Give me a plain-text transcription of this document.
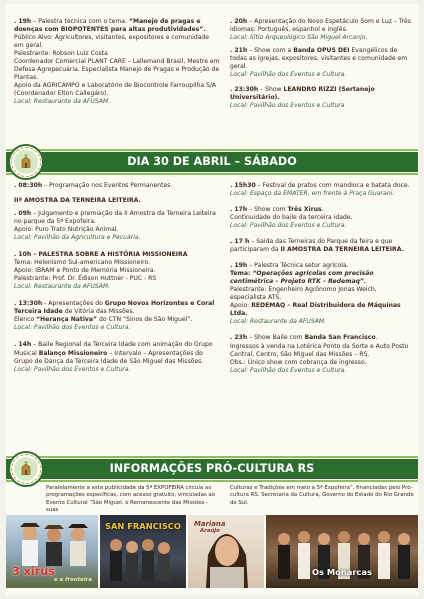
. 19h – Palestra técnica com o tema: “Manejo de pragas e doenças com BIOPOTENTES para altas produtividades”.
Público Alvo: Agricultores, visitantes, expositores e comunidade em geral.
Palestrante: Robson Luiz Costa
Coordenador Comercial PLANT CARE – Lallemand Brasil, Mestre em Defesa Agropecuária. Especialista Manejo de Pragas e Produção de Plantas.
Apoio da AGRICAMPO e Laboratório de Biocontrole Farroupilha S/A (Coordenador Elton Callegáro).
Local: Restaurante da AFUSAM.
. 20h – Apresentação do Novo Espetáculo Som e Luz – Três idiomas: Português, espanhol e inglês.
Local: Sítio Arqueológico São Miguel Arcanjo.
. 21h – Show com a Banda OPUS DEI Evangélicos de todas as igrejas, expositores, visitantes e comunidade em geral.
Local: Pavilhão dos Eventos e Cultura.
. 23:30h – Show LEANDRO RIZZI (Sertanejo Universitário).
Local: Pavilhão dos Eventos e Cultura
DIA 30 DE ABRIL – SÁBADO
. 08:30h – Programação nos Eventos Permanentes.
IIª AMOSTRA DA TERNEIRA LEITEIRA.
. 09h – Julgamento e premiação da II Amostra da Terneira Leiteira no parque da 5ª Expofeira.
Apoio: Puro Trato Nutrição Animal.
Local: Pavilhão da Agricultura e Pecuária.
. 10h – PALESTRA SOBRE A HISTÓRIA MISSIONEIRA
Tema: Helenismo Sul-americano Missioneiro.
Apoio: IBRAM e Ponto de Memória Missioneira.
Palestrante: Prof. Dr. Édison Huttner - PUC - RS
Local: Restaurante da AFUSAM.
. 13:30h - Apresentações do Grupo Novos Horizontes e Coral Terceira Idade de Vitória das Missões.
Elenco “Herança Nativa” do CTN “Sinos de São Miguel”.
Local: Pavilhão dos Eventos e Cultura.
. 14h – Baile Regional da Terceira Idade com animação do Grupo Musical Balanço Missioneiro – Intervalo – Apresentações do Grupo de Dança da Terceira Idade de São Miguel das Missões.
Local: Pavilhão dos Eventos e Cultura.
. 15h30 – Festival de pratos com mandioca e batata doce.
Local: Espaço da EMATER, em frente à Praça Guarani.
. 17h – Show com Três Xirus.
Continuidade do baile da terceira idade.
Local: Pavilhão dos Eventos e Cultura.
. 17 h – Saída das Terneiras do Parque da feira e que participaram da II AMOSTRA DA TERNEIRA LEITEIRA.
. 19h – Palestra Técnica setor agrícola.
Tema: “Operações agrícolas com precisão centimétrica – Projeto RTK – Redemaq”.
Palestrante: Engenheiro Agrônomo Jonas Weich, especialista ATS.
Apoio: REDEMAQ – Real Distribuidora de Máquinas Ltda.
Local: Restaurante da AFUSAM.
. 23h – Show Baile com Banda San Francisco.
Ingressos à venda na Lotérica Ponto da Sorte e Auto Posto Central, Centro, São Miguel das Missões – RS.
Obs.: Único show com cobrança de ingresso.
Local: Pavilhão dos Eventos e Cultura.
INFORMAÇÕES PRÓ-CULTURA RS
Paralelamente a esta publicidade da 5ª EXPOFEIRA circula as programações específicas, com acesso gratuito, vinculadas ao Evento Cultural “São Miguel, o Remanescente das Missões - suas
Culturas e Tradições em meio a 5ª Expofeira”, financiadas pelo Pró-cultura RS, Secretaria da Cultura, Governo do Estado do Rio Grande do Sul.
3 xirus
e a fronteira
SAN FRANCISCO Mariana
Araújo
Os Monarcas
